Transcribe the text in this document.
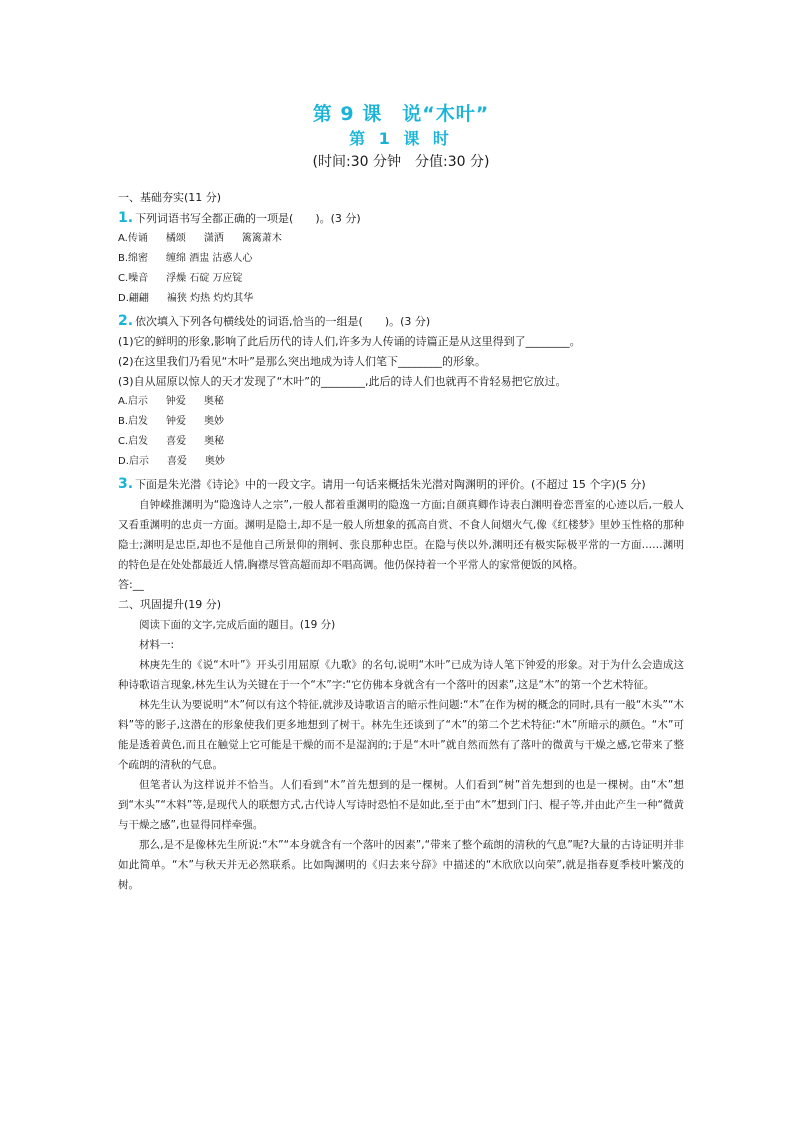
第 9 课　说“木叶”
第 1 课 时
(时间:30 分钟　分值:30 分)
一、基础夯实(11 分)
1. 下列词语书写全都正确的一项是(　　)。(3 分)
A.传诵 橘颂 潇洒 篱篱萧木
B.绵密 缠绵 酒盅 沽惑人心
C.噪音 浮燥 石碇 万应锭
D.翩翩 褊狭 灼热 灼灼其华
2. 依次填入下列各句横线处的词语,恰当的一组是(　　)。(3 分)
(1)它的鲜明的形象,影响了此后历代的诗人们,许多为人传诵的诗篇正是从这里得到了________。
(2)在这里我们乃看见“木叶”是那么突出地成为诗人们笔下________的形象。
(3)自从屈原以惊人的天才发现了“木叶”的________,此后的诗人们也就再不肯轻易把它放过。
A.启示 钟爱 奥秘
B.启发 钟爱 奥妙
C.启发 喜爱 奥秘
D.启示 喜爱 奥妙
3. 下面是朱光潜《诗论》中的一段文字。请用一句话来概括朱光潜对陶渊明的评价。(不超过 15 个字)(5 分)
自钟嵘推渊明为“隐逸诗人之宗”,一般人都着重渊明的隐逸一方面;自颜真卿作诗表白渊明眷恋晋室的心迹以后,一般人又看重渊明的忠贞一方面。渊明是隐士,却不是一般人所想象的孤高自赏、不食人间烟火气,像《红楼梦》里妙玉性格的那种隐士;渊明是忠臣,却也不是他自己所景仰的荆轲、张良那种忠臣。在隐与侠以外,渊明还有极实际极平常的一方面……渊明的特色是在处处都最近人情,胸襟尽管高超而却不唱高调。他仍保持着一个平常人的家常便饭的风格。
答:__
二、巩固提升(19 分)
阅读下面的文字,完成后面的题目。(19 分)
材料一:
林庚先生的《说“木叶”》开头引用屈原《九歌》的名句,说明“木叶”已成为诗人笔下钟爱的形象。对于为什么会造成这种诗歌语言现象,林先生认为关键在于一个“木”字:“它仿佛本身就含有一个落叶的因素”,这是“木”的第一个艺术特征。
林先生认为要说明“木”何以有这个特征,就涉及诗歌语言的暗示性问题:“木”在作为树的概念的同时,具有一般“木头”“木料”等的影子,这潜在的形象使我们更多地想到了树干。林先生还谈到了“木”的第二个艺术特征:“木”所暗示的颜色。“木”可能是透着黄色,而且在触觉上它可能是干燥的而不是湿润的;于是“木叶”就自然而然有了落叶的微黄与干燥之感,它带来了整个疏朗的清秋的气息。
但笔者认为这样说并不恰当。人们看到“木”首先想到的是一棵树。人们看到“树”首先想到的也是一棵树。由“木”想到“木头”“木料”等,是现代人的联想方式,古代诗人写诗时恐怕不是如此,至于由“木”想到门闩、棍子等,并由此产生一种“微黄与干燥之感”,也显得同样牵强。
那么,是不是像林先生所说:“木”“本身就含有一个落叶的因素”,“带来了整个疏朗的清秋的气息”呢?大量的古诗证明并非如此简单。“木”与秋天并无必然联系。比如陶渊明的《归去来兮辞》中描述的“木欣欣以向荣”,就是指春夏季枝叶繁茂的树。
